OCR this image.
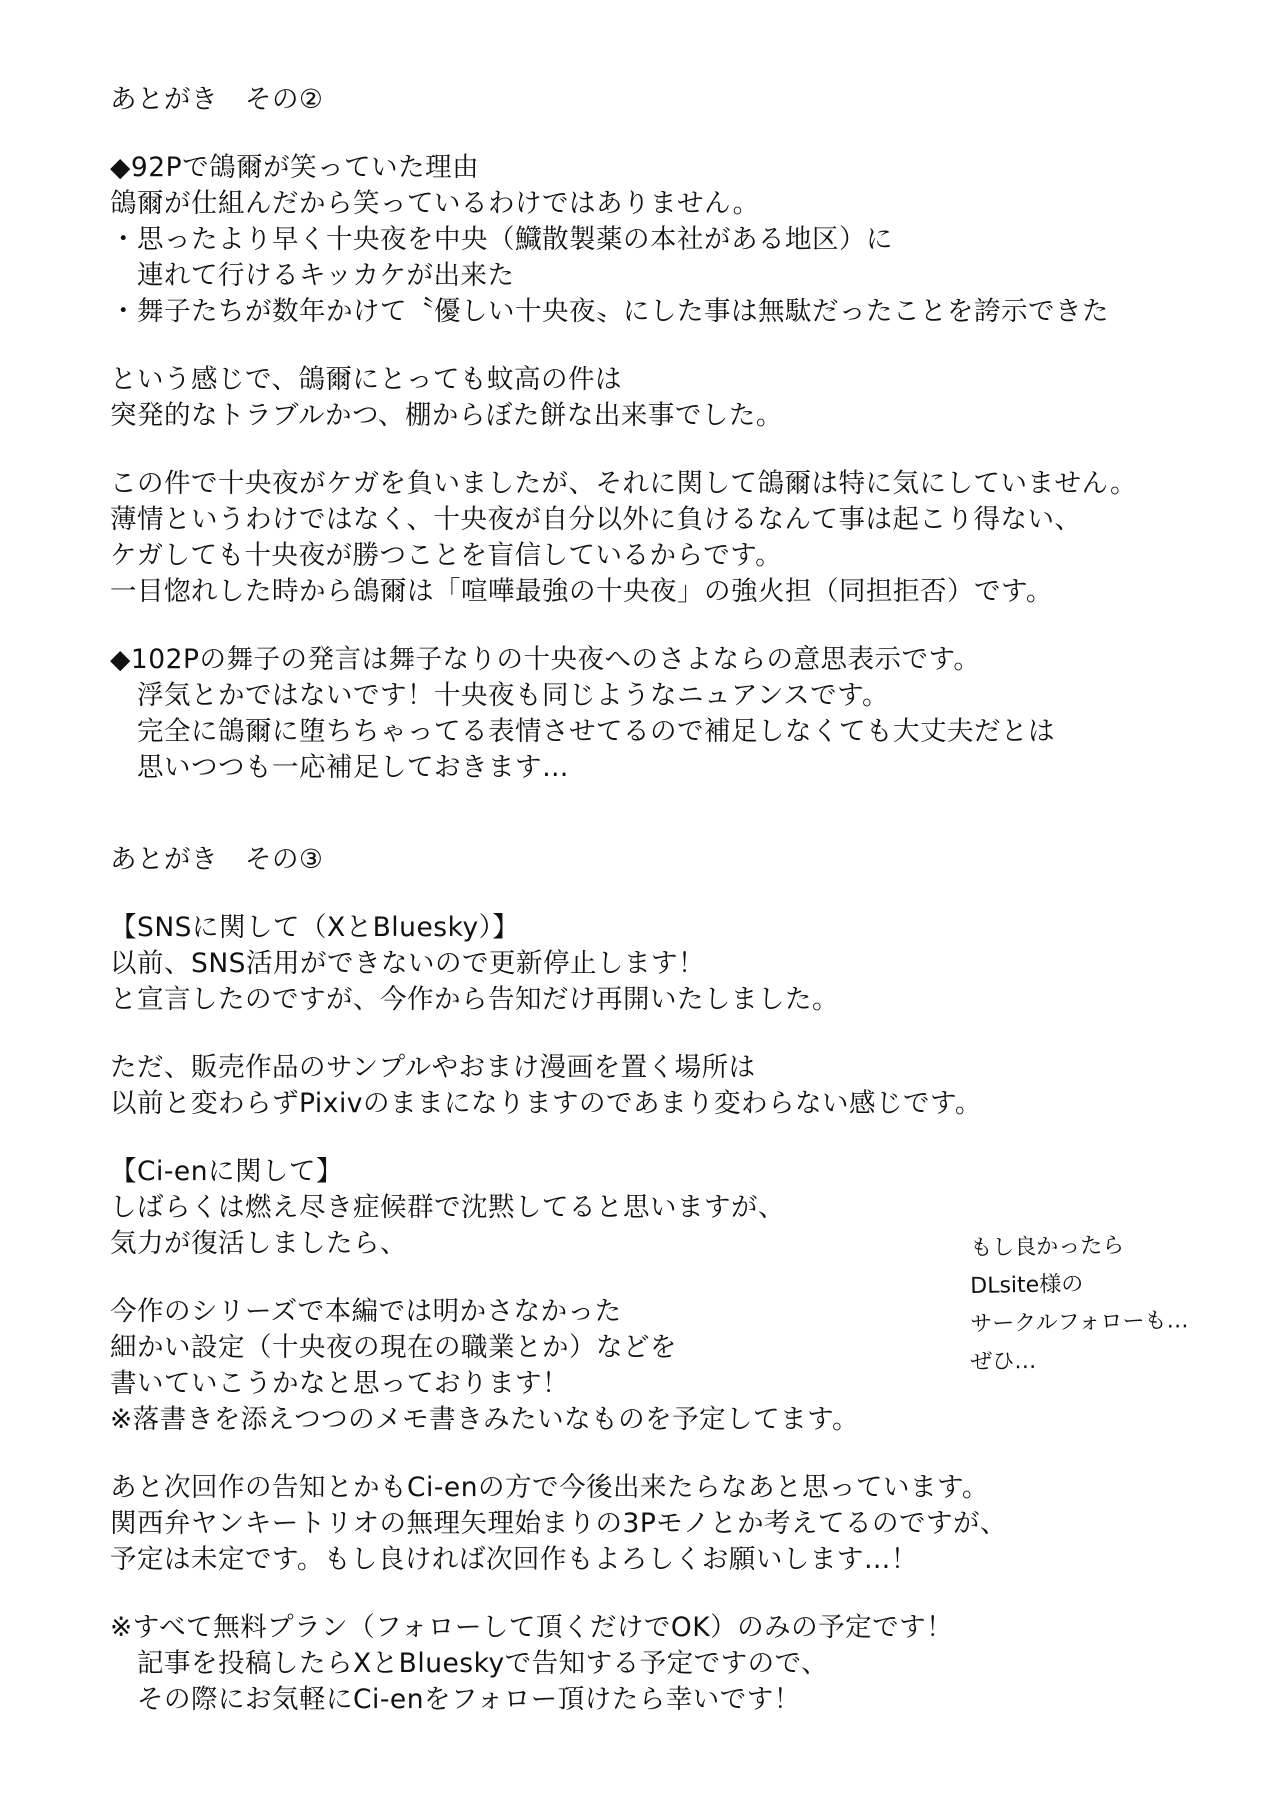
あとがき　その②
◆92Pで鴿爾が笑っていた理由
鴿爾が仕組んだから笑っているわけではありません。
・思ったより早く十央夜を中央（鱵散製薬の本社がある地区）に
　連れて行けるキッカケが出来た
・舞子たちが数年かけて〝優しい十央夜〟にした事は無駄だったことを誇示できた
という感じで、鴿爾にとっても蚊高の件は
突発的なトラブルかつ、棚からぼた餅な出来事でした。
この件で十央夜がケガを負いましたが、それに関して鴿爾は特に気にしていません。
薄情というわけではなく、十央夜が自分以外に負けるなんて事は起こり得ない、
ケガしても十央夜が勝つことを盲信しているからです。
一目惚れした時から鴿爾は「喧嘩最強の十央夜」の強火担（同担拒否）です。
◆102Pの舞子の発言は舞子なりの十央夜へのさよならの意思表示です。
　浮気とかではないです！十央夜も同じようなニュアンスです。
　完全に鴿爾に堕ちちゃってる表情させてるので補足しなくても大丈夫だとは
　思いつつも一応補足しておきます…
あとがき　その③
【SNSに関して（XとBluesky）】
以前、SNS活用ができないので更新停止します！
と宣言したのですが、今作から告知だけ再開いたしました。
ただ、販売作品のサンプルやおまけ漫画を置く場所は
以前と変わらずPixivのままになりますのであまり変わらない感じです。
【Ci-enに関して】
しばらくは燃え尽き症候群で沈黙してると思いますが、
気力が復活しましたら、
今作のシリーズで本編では明かさなかった
細かい設定（十央夜の現在の職業とか）などを
書いていこうかなと思っております！
※落書きを添えつつのメモ書きみたいなものを予定してます。
あと次回作の告知とかもCi-enの方で今後出来たらなあと思っています。
関西弁ヤンキートリオの無理矢理始まりの3Pモノとか考えてるのですが、
予定は未定です。もし良ければ次回作もよろしくお願いします…！
※すべて無料プラン（フォローして頂くだけでOK）のみの予定です！
　記事を投稿したらXとBlueskyで告知する予定ですので、
　その際にお気軽にCi-enをフォロー頂けたら幸いです！
もし良かったら
DLsite様の
サークルフォローも…
ぜひ…
